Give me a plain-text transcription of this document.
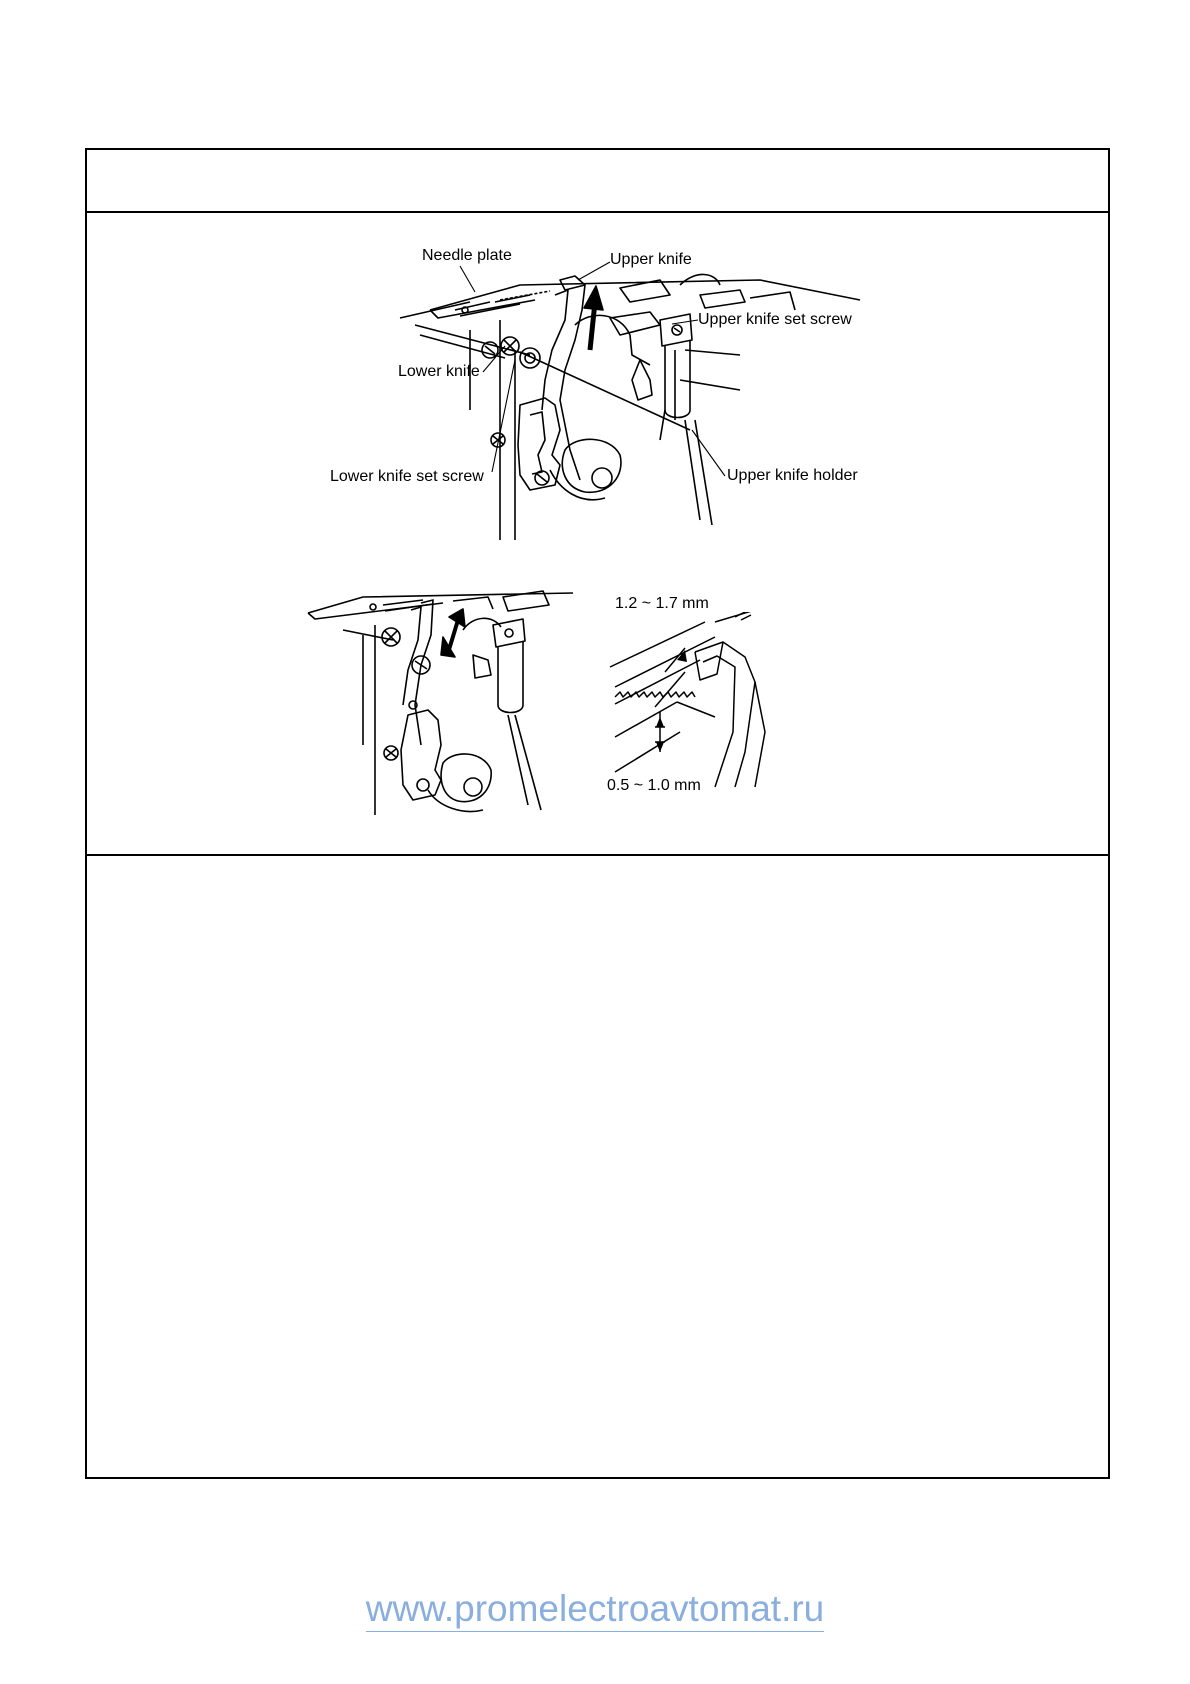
Needle plate	Upper knife
Upper knife set screw
Lower knife
Lower knife set screw	Upper knife holder
1.2 ~ 1.7 mm
0.5 ~ 1.0 mm
www.promelectroavtomat.ru
